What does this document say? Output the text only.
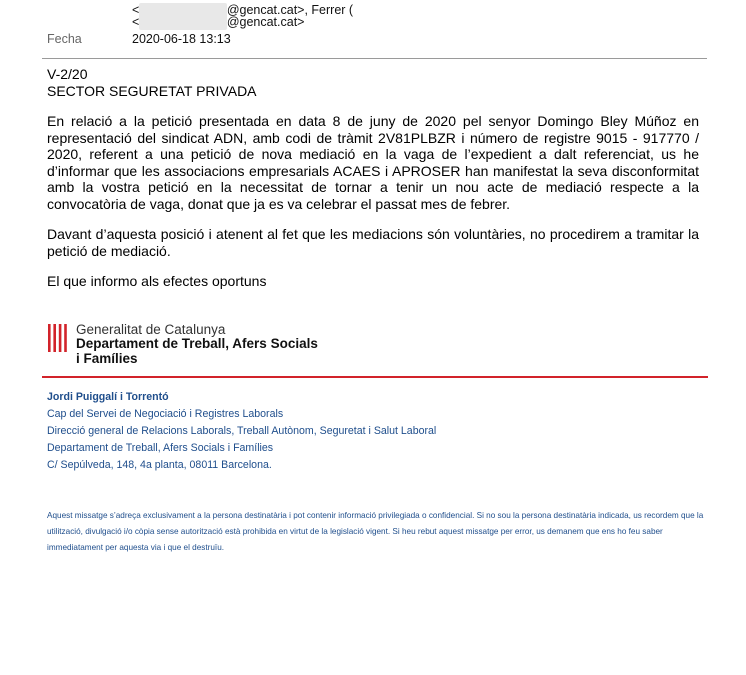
<	@gencat.cat>, Ferrer (
<	@gencat.cat>
Fecha	2020-06-18 13:13

V-2/20

SECTOR SEGURETAT PRIVADA

En relació a la petició presentada en data 8 de juny de 2020 pel senyor Domingo Bley Múñoz en representació del sindicat ADN, amb codi de tràmit 2V81PLBZR i número de registre 9015 - 917770 / 2020, referent a una petició de nova mediació en la vaga de l’expedient a dalt referenciat, us he d’informar que les associacions empresarials ACAES i APROSER han manifestat la seva disconformitat amb la vostra petició en la necessitat de tornar a tenir un nou acte de mediació respecte a la convocatòria de vaga, donat que ja es va celebrar el passat mes de febrer.

Davant d’aquesta posició i atenent al fet que les mediacions són voluntàries, no procedirem a tramitar la petició de mediació.

El que informo als efectes oportuns

Generalitat de Catalunya
Departament de Treball, Afers Socials
i Famílies
Jordi Puiggalí i Torrentó
Cap del Servei de Negociació i Registres Laborals
Direcció general de Relacions Laborals, Treball Autònom, Seguretat i Salut Laboral
Departament de Treball, Afers Socials i Famílies
C/ Sepúlveda, 148, 4a planta, 08011 Barcelona.
Aquest missatge s’adreça exclusivament a la persona destinatària i pot contenir informació privilegiada o confidencial. Si no sou la persona destinatària indicada, us recordem que la utilització, divulgació i/o còpia sense autorització està prohibida en virtut de la legislació vigent. Si heu rebut aquest missatge per error, us demanem que ens ho feu saber immediatament per aquesta via i que el destruïu.
